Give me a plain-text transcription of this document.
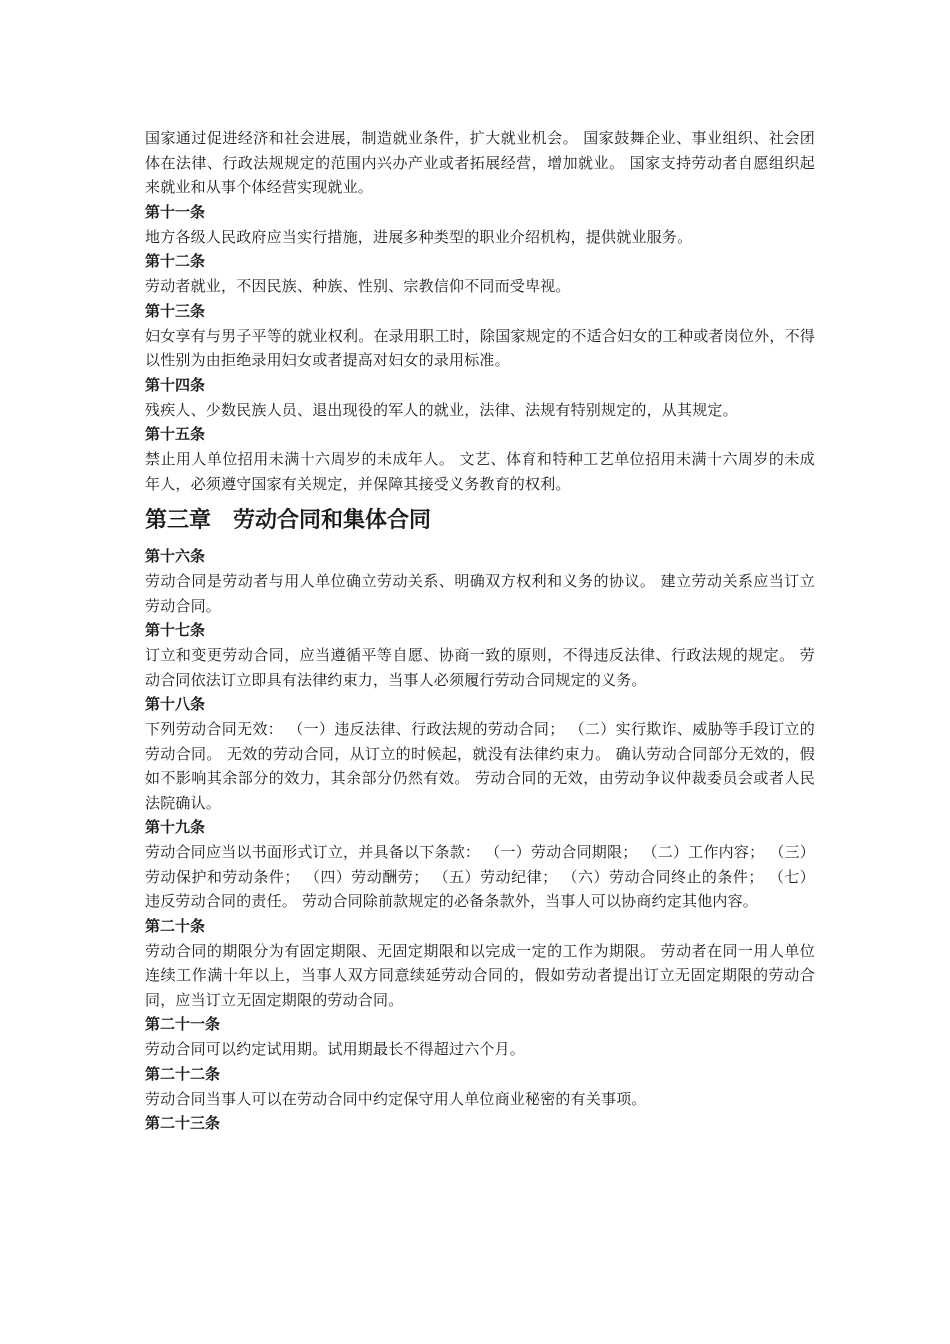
国家通过促进经济和社会进展，制造就业条件，扩大就业机会。 国家鼓舞企业、事业组织、社会团体在法律、行政法规规定的范围内兴办产业或者拓展经营，增加就业。 国家支持劳动者自愿组织起来就业和从事个体经营实现就业。

第十一条

地方各级人民政府应当实行措施，进展多种类型的职业介绍机构，提供就业服务。

第十二条

劳动者就业，不因民族、种族、性别、宗教信仰不同而受卑视。

第十三条

妇女享有与男子平等的就业权利。在录用职工时，除国家规定的不适合妇女的工种或者岗位外，不得以性别为由拒绝录用妇女或者提高对妇女的录用标准。

第十四条

残疾人、少数民族人员、退出现役的军人的就业，法律、法规有特别规定的，从其规定。

第十五条

禁止用人单位招用未满十六周岁的未成年人。 文艺、体育和特种工艺单位招用未满十六周岁的未成年人，必须遵守国家有关规定，并保障其接受义务教育的权利。

第三章　劳动合同和集体合同

第十六条

劳动合同是劳动者与用人单位确立劳动关系、明确双方权利和义务的协议。 建立劳动关系应当订立劳动合同。

第十七条

订立和变更劳动合同，应当遵循平等自愿、协商一致的原则，不得违反法律、行政法规的规定。 劳动合同依法订立即具有法律约束力，当事人必须履行劳动合同规定的义务。

第十八条

下列劳动合同无效： （一）违反法律、行政法规的劳动合同； （二）实行欺诈、威胁等手段订立的劳动合同。 无效的劳动合同，从订立的时候起，就没有法律约束力。 确认劳动合同部分无效的，假如不影响其余部分的效力，其余部分仍然有效。 劳动合同的无效，由劳动争议仲裁委员会或者人民法院确认。

第十九条

劳动合同应当以书面形式订立，并具备以下条款： （一）劳动合同期限； （二）工作内容； （三）劳动保护和劳动条件； （四）劳动酬劳； （五）劳动纪律； （六）劳动合同终止的条件； （七）违反劳动合同的责任。 劳动合同除前款规定的必备条款外，当事人可以协商约定其他内容。

第二十条

劳动合同的期限分为有固定期限、无固定期限和以完成一定的工作为期限。 劳动者在同一用人单位连续工作满十年以上，当事人双方同意续延劳动合同的，假如劳动者提出订立无固定期限的劳动合同，应当订立无固定期限的劳动合同。

第二十一条

劳动合同可以约定试用期。试用期最长不得超过六个月。

第二十二条

劳动合同当事人可以在劳动合同中约定保守用人单位商业秘密的有关事项。

第二十三条
